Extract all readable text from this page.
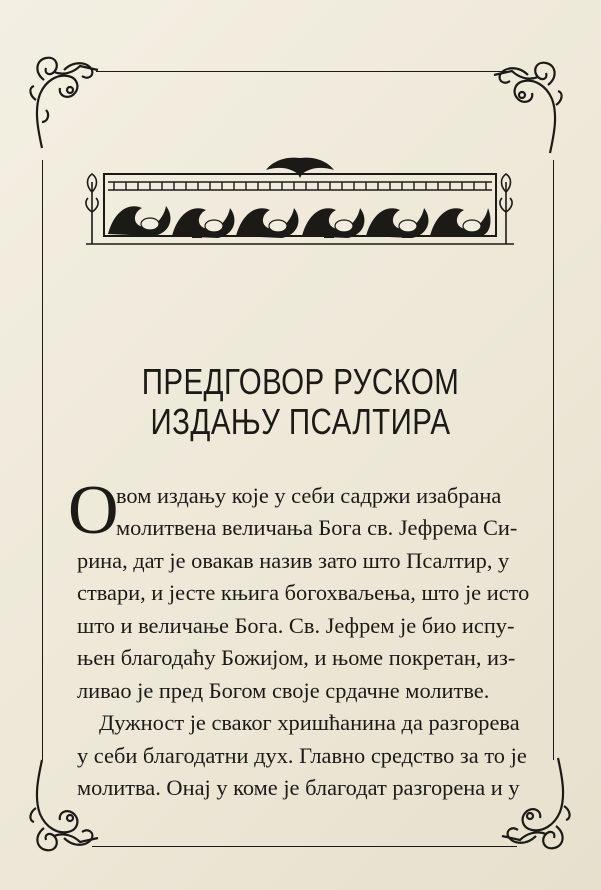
ПРЕДГОВОР РУСКОМ
ИЗДАЊУ ПСАЛТИРА
О

вом издању које у себи садржи изабрана

молитвена величања Бога св. Јефрема Си-

рина, дат је овакав назив зато што Псалтир, у

ствари, и јесте књига богохваљења, што је исто

што и величање Бога. Св. Јефрем је био испу-

њен благодаћу Божијом, и њоме покретан, из-

ливао је пред Богом своје срдачне молитве.

Дужност је сваког хришћанина да разгорева

у себи благодатни дух. Главно средство за то је

молитва. Онај у коме је благодат разгорена и у
